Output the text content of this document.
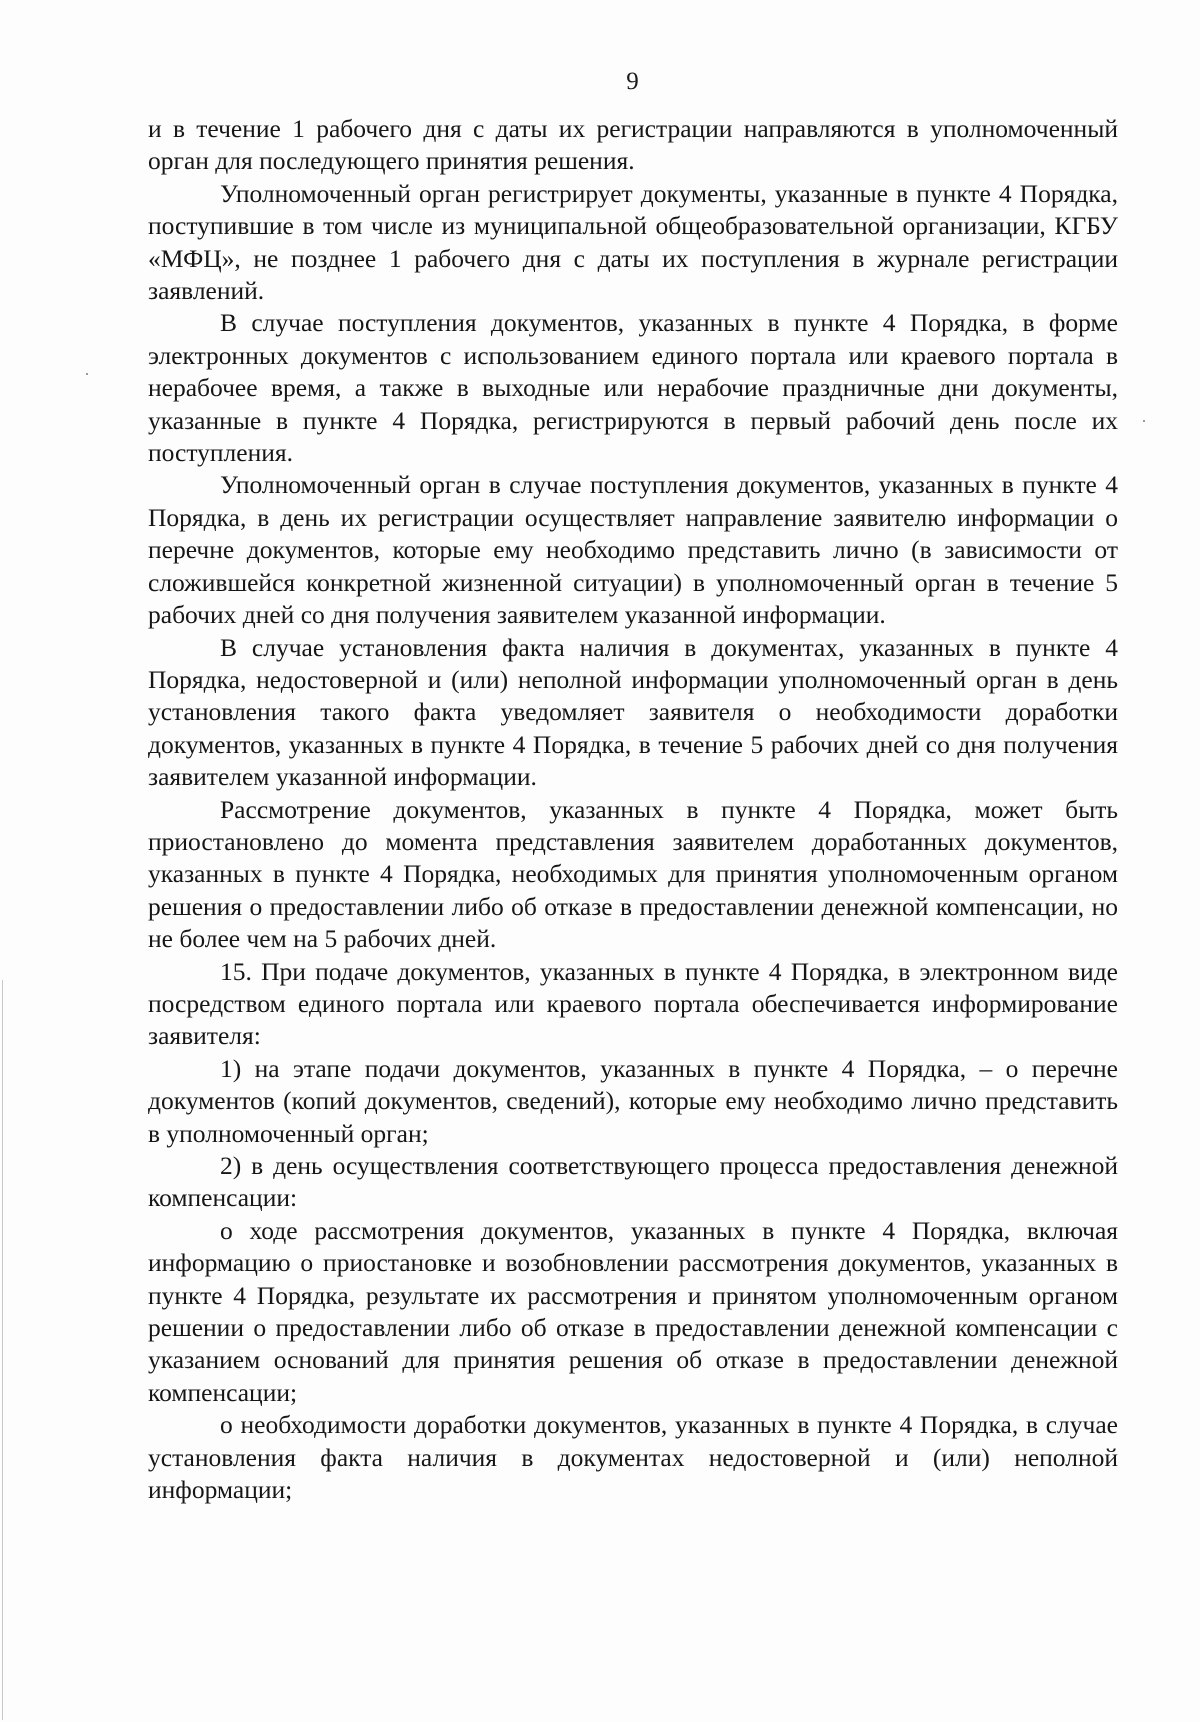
9

и в течение 1 рабочего дня с даты их регистрации направляются в уполномоченный орган для последующего принятия решения.

Уполномоченный орган регистрирует документы, указанные в пункте 4 Порядка, поступившие в том числе из муниципальной общеобразовательной организации, КГБУ «МФЦ», не позднее 1 рабочего дня с даты их поступления в журнале регистрации заявлений.

В случае поступления документов, указанных в пункте 4 Порядка, в форме электронных документов с использованием единого портала или краевого портала в нерабочее время, а также в выходные или нерабочие праздничные дни документы, указанные в пункте 4 Порядка, регистрируются в первый рабочий день после их поступления.

Уполномоченный орган в случае поступления документов, указанных в пункте 4 Порядка, в день их регистрации осуществляет направление заявителю информации о перечне документов, которые ему необходимо представить лично (в зависимости от сложившейся конкретной жизненной ситуации) в уполномоченный орган в течение 5 рабочих дней со дня получения заявителем указанной информации.

В случае установления факта наличия в документах, указанных в пункте 4 Порядка, недостоверной и (или) неполной информации уполномоченный орган в день установления такого факта уведомляет заявителя о необходимости доработки документов, указанных в пункте 4 Порядка, в течение 5 рабочих дней со дня получения заявителем указанной информации.

Рассмотрение документов, указанных в пункте 4 Порядка, может быть приостановлено до момента представления заявителем доработанных документов, указанных в пункте 4 Порядка, необходимых для принятия уполномоченным органом решения о предоставлении либо об отказе в предоставлении денежной компенсации, но не более чем на 5 рабочих дней.

15. При подаче документов, указанных в пункте 4 Порядка, в электронном виде посредством единого портала или краевого портала обеспечивается информирование заявителя:

1) на этапе подачи документов, указанных в пункте 4 Порядка, – о перечне документов (копий документов, сведений), которые ему необходимо лично представить в уполномоченный орган;

2) в день осуществления соответствующего процесса предоставления денежной компенсации:

о ходе рассмотрения документов, указанных в пункте 4 Порядка, включая информацию о приостановке и возобновлении рассмотрения документов, указанных в пункте 4 Порядка, результате их рассмотрения и принятом уполномоченным органом решении о предоставлении либо об отказе в предоставлении денежной компенсации с указанием оснований для принятия решения об отказе в предоставлении денежной компенсации;

о необходимости доработки документов, указанных в пункте 4 Порядка, в случае установления факта наличия в документах недостоверной и (или) неполной информации;
